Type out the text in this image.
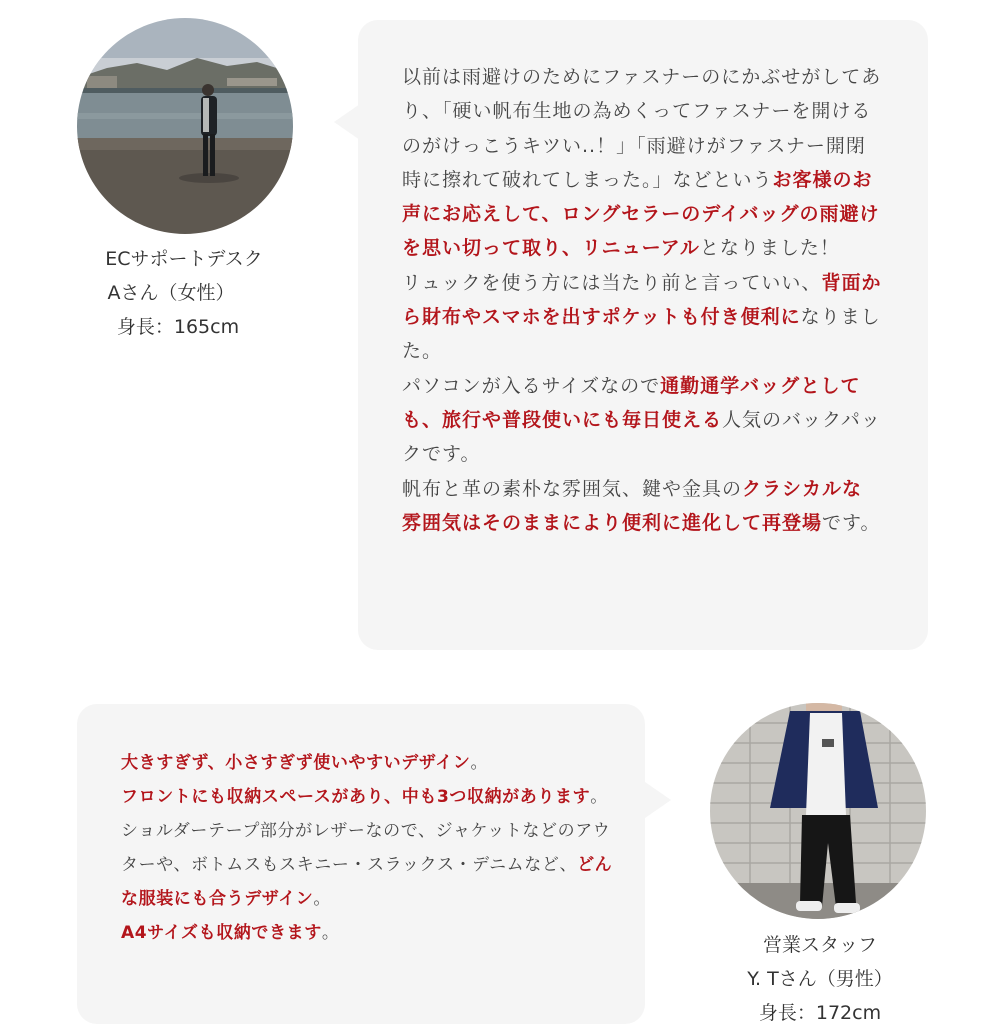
ECサポートデスク
Aさん（女性）
身長：165cm

以前は雨避けのためにファスナーのにかぶせがしてあり、「硬い帆布生地の為めくってファスナーを開けるのがけっこうキツい..！」「雨避けがファスナー開閉時に擦れて破れてしまった。」などというお客様のお声にお応えして、ロングセラーのデイバッグの雨避けを思い切って取り、リニューアルとなりました！

リュックを使う方には当たり前と言っていい、背面から財布やスマホを出すポケットも付き便利になりました。

パソコンが入るサイズなので通勤通学バッグとしても、旅行や普段使いにも毎日使える人気のバックパックです。

帆布と革の素朴な雰囲気、鍵や金具のクラシカルな雰囲気はそのままにより便利に進化して再登場です。

大きすぎず、小さすぎず使いやすいデザイン。

フロントにも収納スペースがあり、中も3つ収納があります。

ショルダーテープ部分がレザーなので、ジャケットなどのアウターや、ボトムスもスキニー・スラックス・デニムなど、どんな服装にも合うデザイン。

A4サイズも収納できます。

営業スタッフ
Y. Tさん（男性）
身長：172cm
